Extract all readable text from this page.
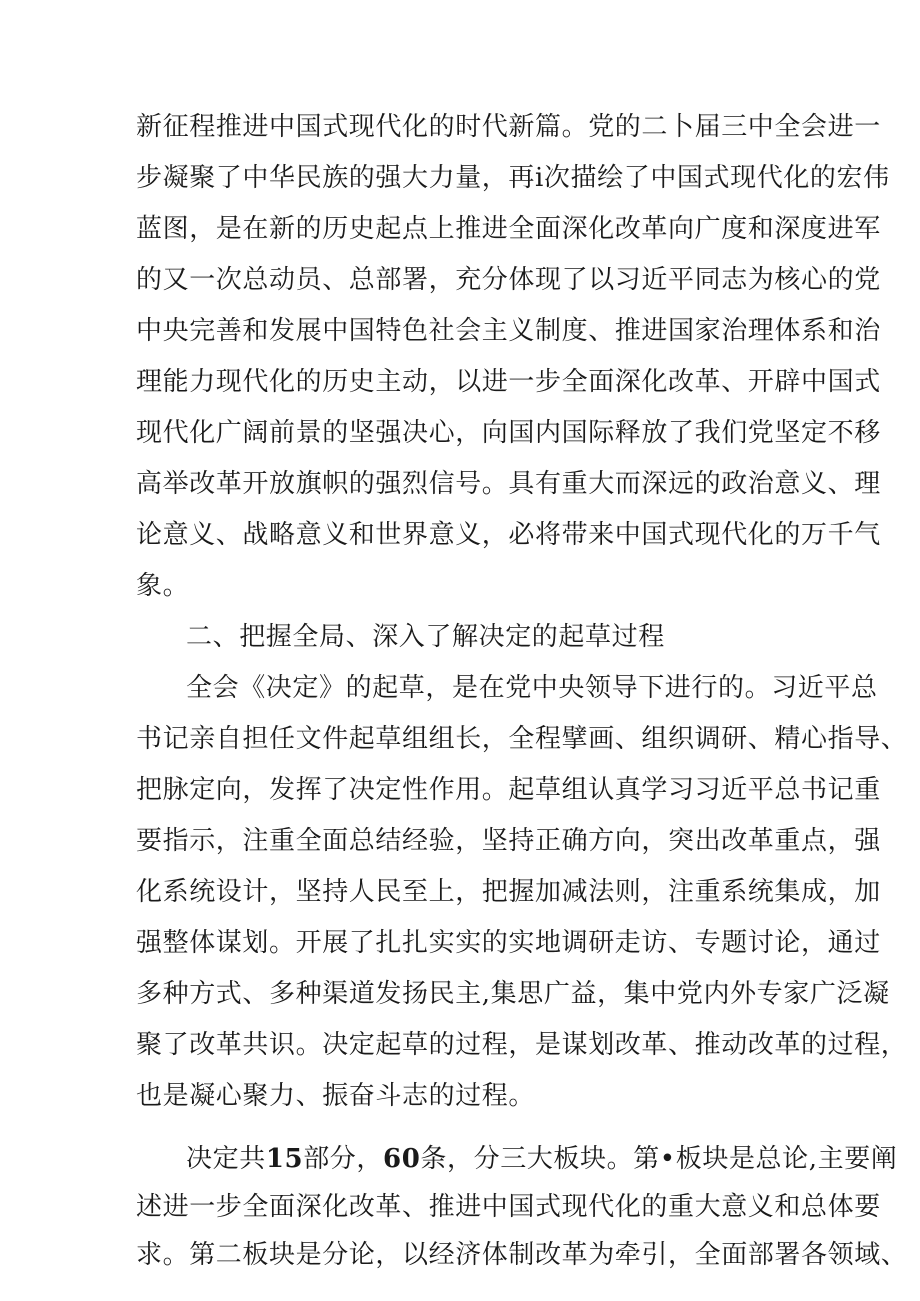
新征程推进中国式现代化的时代新篇。党的二卜届三中全会进一
步凝聚了中华民族的强大力量，再i次描绘了中国式现代化的宏伟
蓝图，是在新的历史起点上推进全面深化改革向广度和深度进军
的又一次总动员、总部署，充分体现了以习近平同志为核心的党
中央完善和发展中国特色社会主义制度、推进国家治理体系和治
理能力现代化的历史主动，以进一步全面深化改革、开辟中国式
现代化广阔前景的坚强决心，向国内国际释放了我们党坚定不移
高举改革开放旗帜的强烈信号。具有重大而深远的政治意义、理
论意义、战略意义和世界意义，必将带来中国式现代化的万千气
象。
二、把握全局、深入了解决定的起草过程
全会《决定》的起草，是在党中央领导下进行的。习近平总
书记亲自担任文件起草组组长，全程擘画、组织调研、精心指导、
把脉定向，发挥了决定性作用。起草组认真学习习近平总书记重
要指示，注重全面总结经验，坚持正确方向，突出改革重点，强
化系统设计，坚持人民至上，把握加减法则，注重系统集成，加
强整体谋划。开展了扎扎实实的实地调研走访、专题讨论，通过
多种方式、多种渠道发扬民主,集思广益，集中党内外专家广泛凝
聚了改革共识。决定起草的过程，是谋划改革、推动改革的过程，
也是凝心聚力、振奋斗志的过程。
决定共15部分，60条，分三大板块。第•板块是总论,主要阐
述进一步全面深化改革、推进中国式现代化的重大意义和总体要
求。第二板块是分论，以经济体制改革为牵引，全面部署各领域、
